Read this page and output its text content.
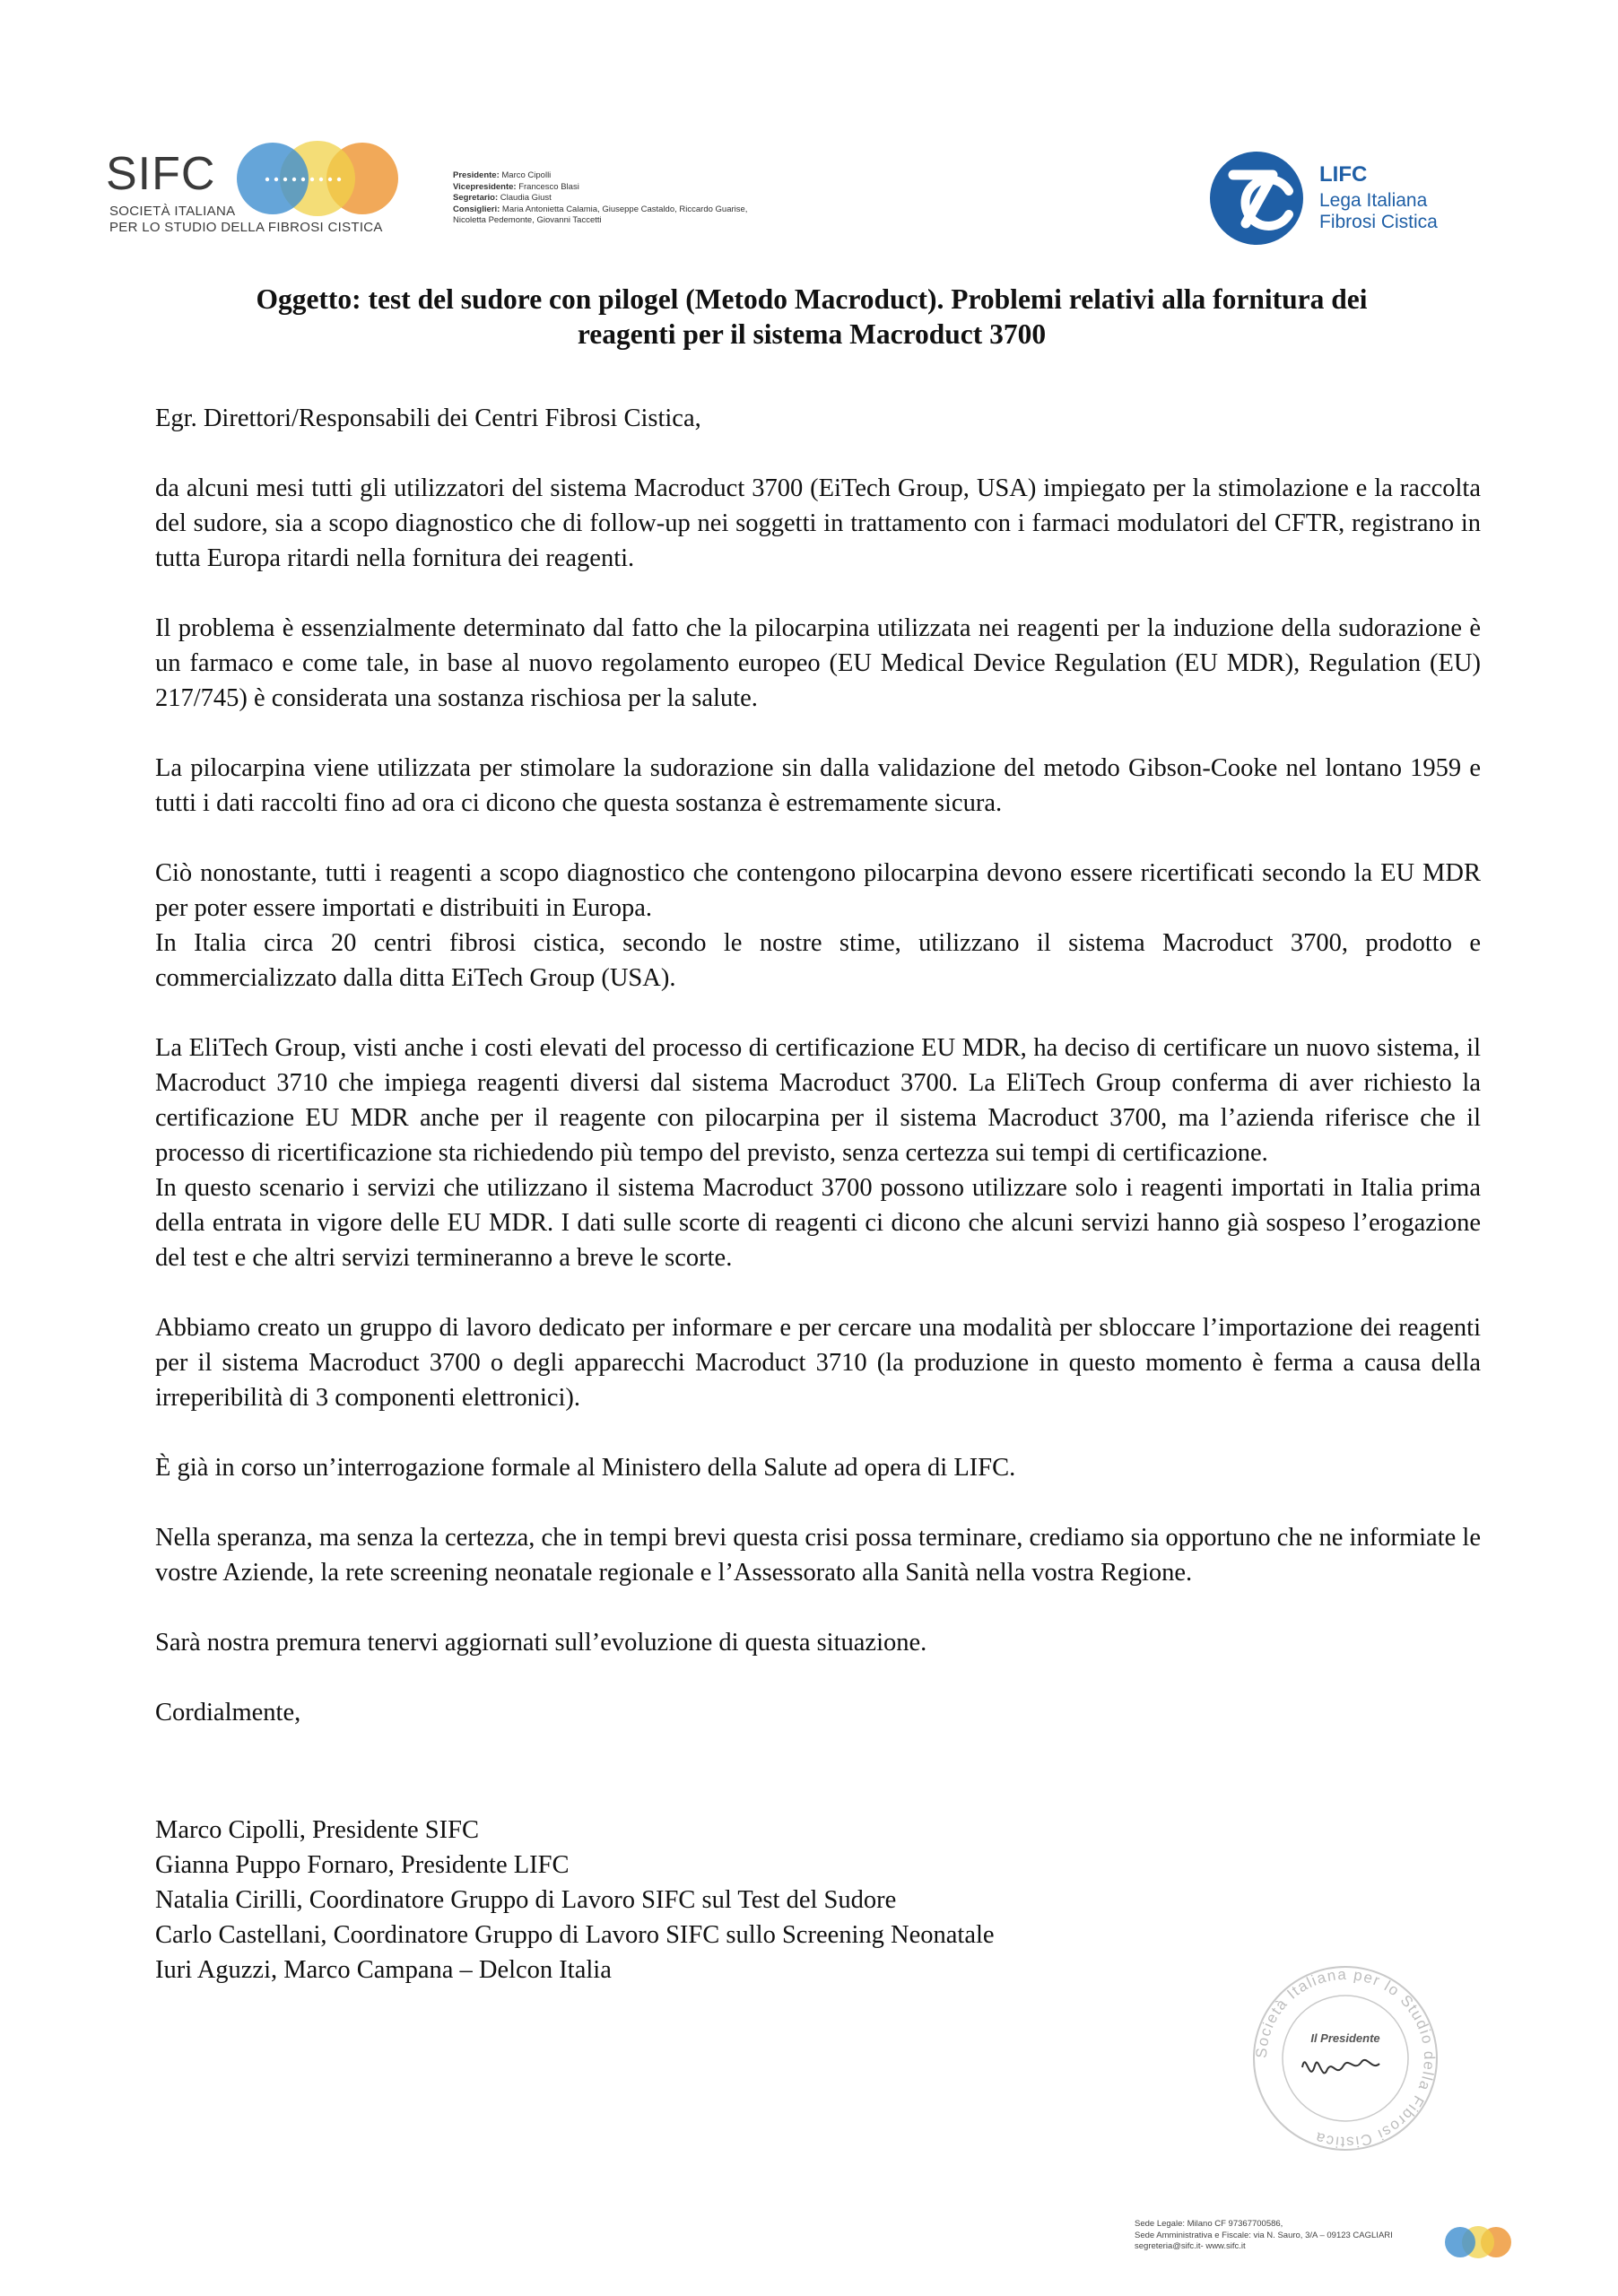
SIFC
SOCIETÀ ITALIANA
PER LO STUDIO DELLA FIBROSI CISTICA
Presidente: Marco Cipolli
Vicepresidente: Francesco Blasi
Segretario: Claudia Giust
Consiglieri: Maria Antonietta Calamia, Giuseppe Castaldo, Riccardo Guarise,
Nicoletta Pedemonte, Giovanni Taccetti
LIFC
Lega Italiana
Fibrosi Cistica
Oggetto: test del sudore con pilogel (Metodo Macroduct). Problemi relativi alla fornitura dei
reagenti per il sistema Macroduct 3700

Egr. Direttori/Responsabili dei Centri Fibrosi Cistica,

da alcuni mesi tutti gli utilizzatori del sistema Macroduct 3700 (EiTech Group, USA) impiegato per la stimolazione e la raccolta del sudore, sia a scopo diagnostico che di follow-up nei soggetti in trattamento con i farmaci modulatori del CFTR, registrano in tutta Europa ritardi nella fornitura dei reagenti.

Il problema è essenzialmente determinato dal fatto che la pilocarpina utilizzata nei reagenti per la induzione della sudorazione è un farmaco e come tale, in base al nuovo regolamento europeo (EU Medical Device Regulation (EU MDR), Regulation (EU) 217/745) è considerata una sostanza rischiosa per la salute.

La pilocarpina viene utilizzata per stimolare la sudorazione sin dalla validazione del metodo Gibson-Cooke nel lontano 1959 e tutti i dati raccolti fino ad ora ci dicono che questa sostanza è estremamente sicura.

Ciò nonostante, tutti i reagenti a scopo diagnostico che contengono pilocarpina devono essere ricertificati secondo la EU MDR per poter essere importati e distribuiti in Europa.

In Italia circa 20 centri fibrosi cistica, secondo le nostre stime, utilizzano il sistema Macroduct 3700, prodotto e commercializzato dalla ditta EiTech Group (USA).

La EliTech Group, visti anche i costi elevati del processo di certificazione EU MDR, ha deciso di certificare un nuovo sistema, il Macroduct 3710 che impiega reagenti diversi dal sistema Macroduct 3700. La EliTech Group conferma di aver richiesto la certificazione EU MDR anche per il reagente con pilocarpina per il sistema Macroduct 3700, ma l’azienda riferisce che il processo di ricertificazione sta richiedendo più tempo del previsto, senza certezza sui tempi di certificazione.

In questo scenario i servizi che utilizzano il sistema Macroduct 3700 possono utilizzare solo i reagenti importati in Italia prima della entrata in vigore delle EU MDR. I dati sulle scorte di reagenti ci dicono che alcuni servizi hanno già sospeso l’erogazione del test e che altri servizi termineranno a breve le scorte.

Abbiamo creato un gruppo di lavoro dedicato per informare e per cercare una modalità per sbloccare l’importazione dei reagenti per il sistema Macroduct 3700 o degli apparecchi Macroduct 3710 (la produzione in questo momento è ferma a causa della irreperibilità di 3 componenti elettronici).

È già in corso un’interrogazione formale al Ministero della Salute ad opera di LIFC.

Nella speranza, ma senza la certezza, che in tempi brevi questa crisi possa terminare, crediamo sia opportuno che ne informiate le vostre Aziende, la rete screening neonatale regionale e l’Assessorato alla Sanità nella vostra Regione.

Sarà nostra premura tenervi aggiornati sull’evoluzione di questa situazione.

Cordialmente,

Marco Cipolli, Presidente SIFC
Gianna Puppo Fornaro, Presidente LIFC
Natalia Cirilli, Coordinatore Gruppo di Lavoro SIFC sul Test del Sudore
Carlo Castellani, Coordinatore Gruppo di Lavoro SIFC sullo Screening Neonatale
Iuri Aguzzi, Marco Campana – Delcon Italia
Società Italiana per lo Studio della Fibrosi Cistica
Il Presidente
Sede Legale: Milano CF 97367700586,
Sede Amministrativa e Fiscale: via N. Sauro, 3/A – 09123 CAGLIARI
segreteria@sifc.it- www.sifc.it
